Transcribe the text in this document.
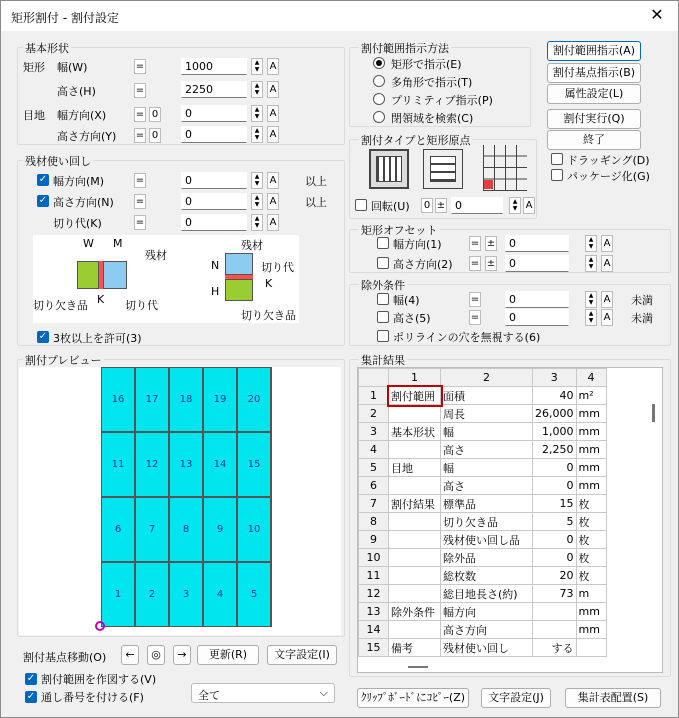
矩形割付 - 割付設定	✕
基本形状
矩形 幅(W)	=	1000	▲
▼	A
高さ(H)	=	2250	▲
▼	A
目地 幅方向(X)	= 0	0	▲
▼	A
高さ方向(Y) = 0	0	▲
▼	A
残材使い回し
✓ 幅方向(M)	=	0	▲
▼	A	以上
✓ 高さ方向(N) =	0	▲
▼	A	以上
切り代(K)	=	0	▲
▼	A
W M
残材
K
切り欠き品	切り代
N
H
残材
切り代
K
切り欠き品
✓ 3枚以上を許可(3)
割付範囲指示方法
矩形で指示(E)
多角形で指示(T)
プリミティブ指示(P)
閉領域を検索(C)
割付範囲指示(A)
割付基点指示(B)
属性設定(L)
割付実行(Q)
終了
ドラッギング(D)
パッケージ化(G)
割付タイプと矩形原点
回転(U) 0 ± 0	▲
▼ A
矩形オフセット
幅方向(1)	= ±	0	▲
▼	A
高さ方向(2) = ±	0	▲
▼	A
除外条件
幅(4)	=	0	▲
▼	A 未満
高さ(5)	=	0	▲
▼	A 未満
ポリラインの穴を無視する(6)
割付プレビュー
16	17	18	19	20
11	12	13	14	15
6	7	8	9	10
1	2	3	4	5
割付基点移動(O)	←	◎	→	更新(R)	文字設定(I)
✓ 割付範囲を作図する(V)
✓ 通し番号を付ける(F)	全て	⌵
集計結果
	1	2	3	4
1	割付範囲	面積	40	m²
2		周長	26,000	mm
3	基本形状	幅	1,000	mm
4		高さ	2,250	mm
5	目地	幅	0	mm
6		高さ	0	mm
7	割付結果	標準品	15	枚
8		切り欠き品	5	枚
9		残材使い回し品	0	枚
10		除外品	0	枚
11		総枚数	20	枚
12		総目地長さ(約)	73	m
13	除外条件	幅方向		mm
14		高さ方向		mm
15	備考	残材使い回し	する	
ｸﾘｯﾌﾟﾎﾞｰﾄﾞにｺﾋﾟｰ(Z)	文字設定(J)	集計表配置(S)
